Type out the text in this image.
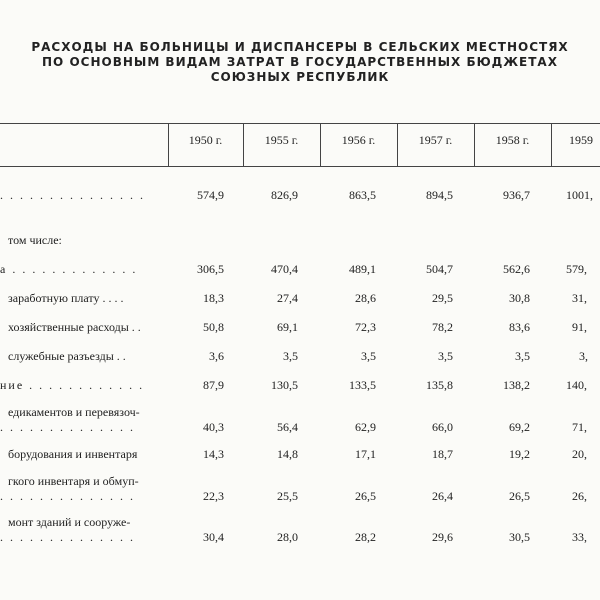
РАСХОДЫ НА БОЛЬНИЦЫ И ДИСПАНСЕРЫ В СЕЛЬСКИХ МЕСТНОСТЯХ
ПО ОСНОВНЫМ ВИДАМ ЗАТРАТ В ГОСУДАРСТВЕННЫХ БЮДЖЕТАХ
СОЮЗНЫХ РЕСПУБЛИК
1950 г.	1955 г.	1956 г.	1957 г.	1958 г.	1959
. . . . . . . . . . . . . . .	574,9	826,9	863,5	894,5	936,7	1001,
том числе:
а . . . . . . . . . . . . .	306,5	470,4	489,1	504,7	562,6	579,
заработную плату . . . .	18,3	27,4	28,6	29,5	30,8	31,
хозяйственные расходы . .	50,8	69,1	72,3	78,2	83,6	91,
служебные разъезды . .	3,6	3,5	3,5	3,5	3,5	3,
ние . . . . . . . . . . . .	87,9	130,5	133,5	135,8	138,2	140,
едикаментов и перевязоч-
. . . . . . . . . . . . . .	40,3	56,4	62,9	66,0	69,2	71,
борудования и инвентаря	14,3	14,8	17,1	18,7	19,2	20,
гкого инвентаря и обмуп-
. . . . . . . . . . . . . .	22,3	25,5	26,5	26,4	26,5	26,
монт зданий и сооруже-
. . . . . . . . . . . . . .	30,4	28,0	28,2	29,6	30,5	33,
